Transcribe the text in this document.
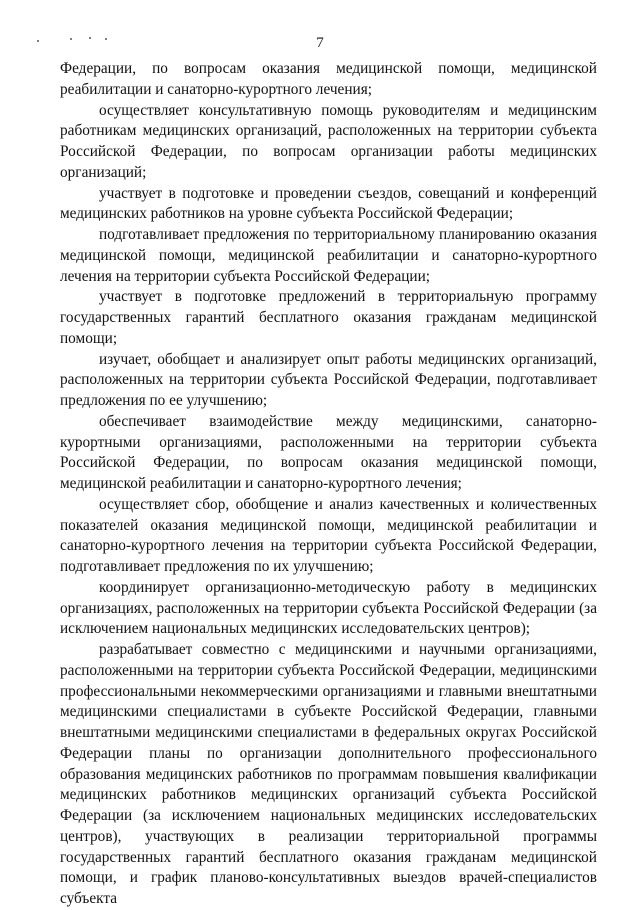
7

Федерации, по вопросам оказания медицинской помощи, медицинской реабилитации и санаторно-курортного лечения;

осуществляет консультативную помощь руководителям и медицинским работникам медицинских организаций, расположенных на территории субъекта Российской Федерации, по вопросам организации работы медицинских организаций;

участвует в подготовке и проведении съездов, совещаний и конференций медицинских работников на уровне субъекта Российской Федерации;

подготавливает предложения по территориальному планированию оказания медицинской помощи, медицинской реабилитации и санаторно-курортного лечения на территории субъекта Российской Федерации;

участвует в подготовке предложений в территориальную программу государственных гарантий бесплатного оказания гражданам медицинской помощи;

изучает, обобщает и анализирует опыт работы медицинских организаций, расположенных на территории субъекта Российской Федерации, подготавливает предложения по ее улучшению;

обеспечивает взаимодействие между медицинскими, санаторно-курортными организациями, расположенными на территории субъекта Российской Федерации, по вопросам оказания медицинской помощи, медицинской реабилитации и санаторно-курортного лечения;

осуществляет сбор, обобщение и анализ качественных и количественных показателей оказания медицинской помощи, медицинской реабилитации и санаторно-курортного лечения на территории субъекта Российской Федерации, подготавливает предложения по их улучшению;

координирует организационно-методическую работу в медицинских организациях, расположенных на территории субъекта Российской Федерации (за исключением национальных медицинских исследовательских центров);

разрабатывает совместно с медицинскими и научными организациями, расположенными на территории субъекта Российской Федерации, медицинскими профессиональными некоммерческими организациями и главными внештатными медицинскими специалистами в субъекте Российской Федерации, главными внештатными медицинскими специалистами в федеральных округах Российской Федерации планы по организации дополнительного профессионального образования медицинских работников по программам повышения квалификации медицинских работников медицинских организаций субъекта Российской Федерации (за исключением национальных медицинских исследовательских центров), участвующих в реализации территориальной программы государственных гарантий бесплатного оказания гражданам медицинской помощи, и график планово-консультативных выездов врачей-специалистов субъекта
